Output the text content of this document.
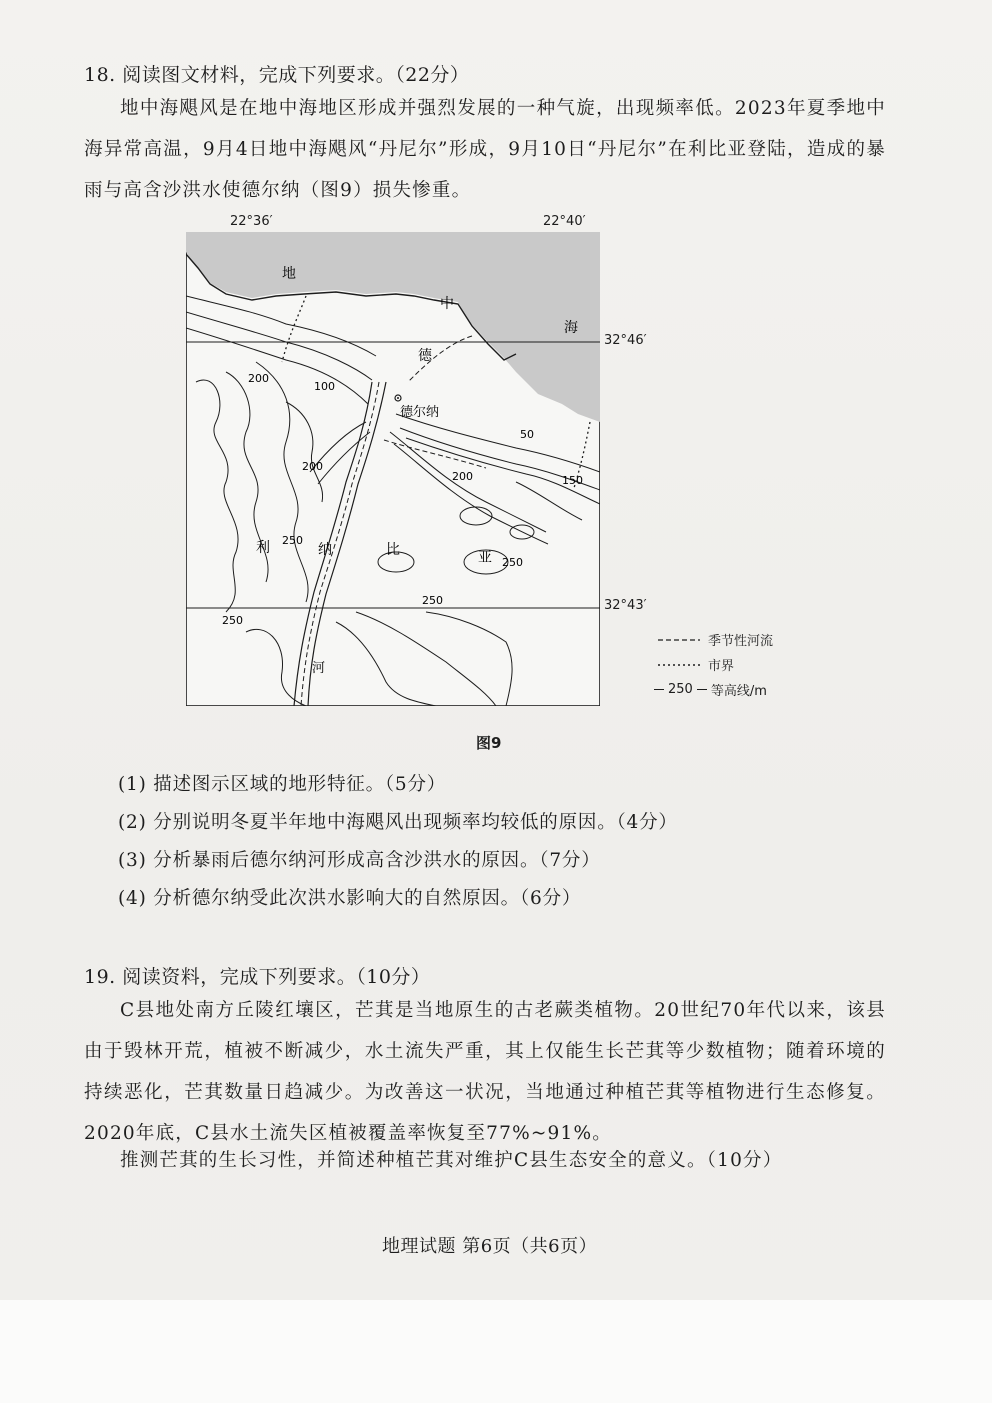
18. 阅读图文材料，完成下列要求。（22分）
地中海飓风是在地中海地区形成并强烈发展的一种气旋，出现频率低。2023年夏季地中海异常高温，9月4日地中海飓风“丹尼尔”形成，9月10日“丹尼尔”在利比亚登陆，造成的暴雨与高含沙洪水使德尔纳（图9）损失惨重。
22°36′	22°40′
32°46′
32°43′
地
中
海
利	纳	比	亚
德
德尔纳
河
200
100
50
200
200	150
250
250
250
250
季节性河流
市界
250 等高线/m
图9
(1) 描述图示区域的地形特征。（5分）
(2) 分别说明冬夏半年地中海飓风出现频率均较低的原因。（4分）
(3) 分析暴雨后德尔纳河形成高含沙洪水的原因。（7分）
(4) 分析德尔纳受此次洪水影响大的自然原因。（6分）
19. 阅读资料，完成下列要求。（10分）
C县地处南方丘陵红壤区，芒萁是当地原生的古老蕨类植物。20世纪70年代以来，该县由于毁林开荒，植被不断减少，水土流失严重，其上仅能生长芒萁等少数植物；随着环境的持续恶化，芒萁数量日趋减少。为改善这一状况，当地通过种植芒萁等植物进行生态修复。2020年底，C县水土流失区植被覆盖率恢复至77%~91%。
推测芒萁的生长习性，并简述种植芒萁对维护C县生态安全的意义。（10分）
地理试题 第6页（共6页）
